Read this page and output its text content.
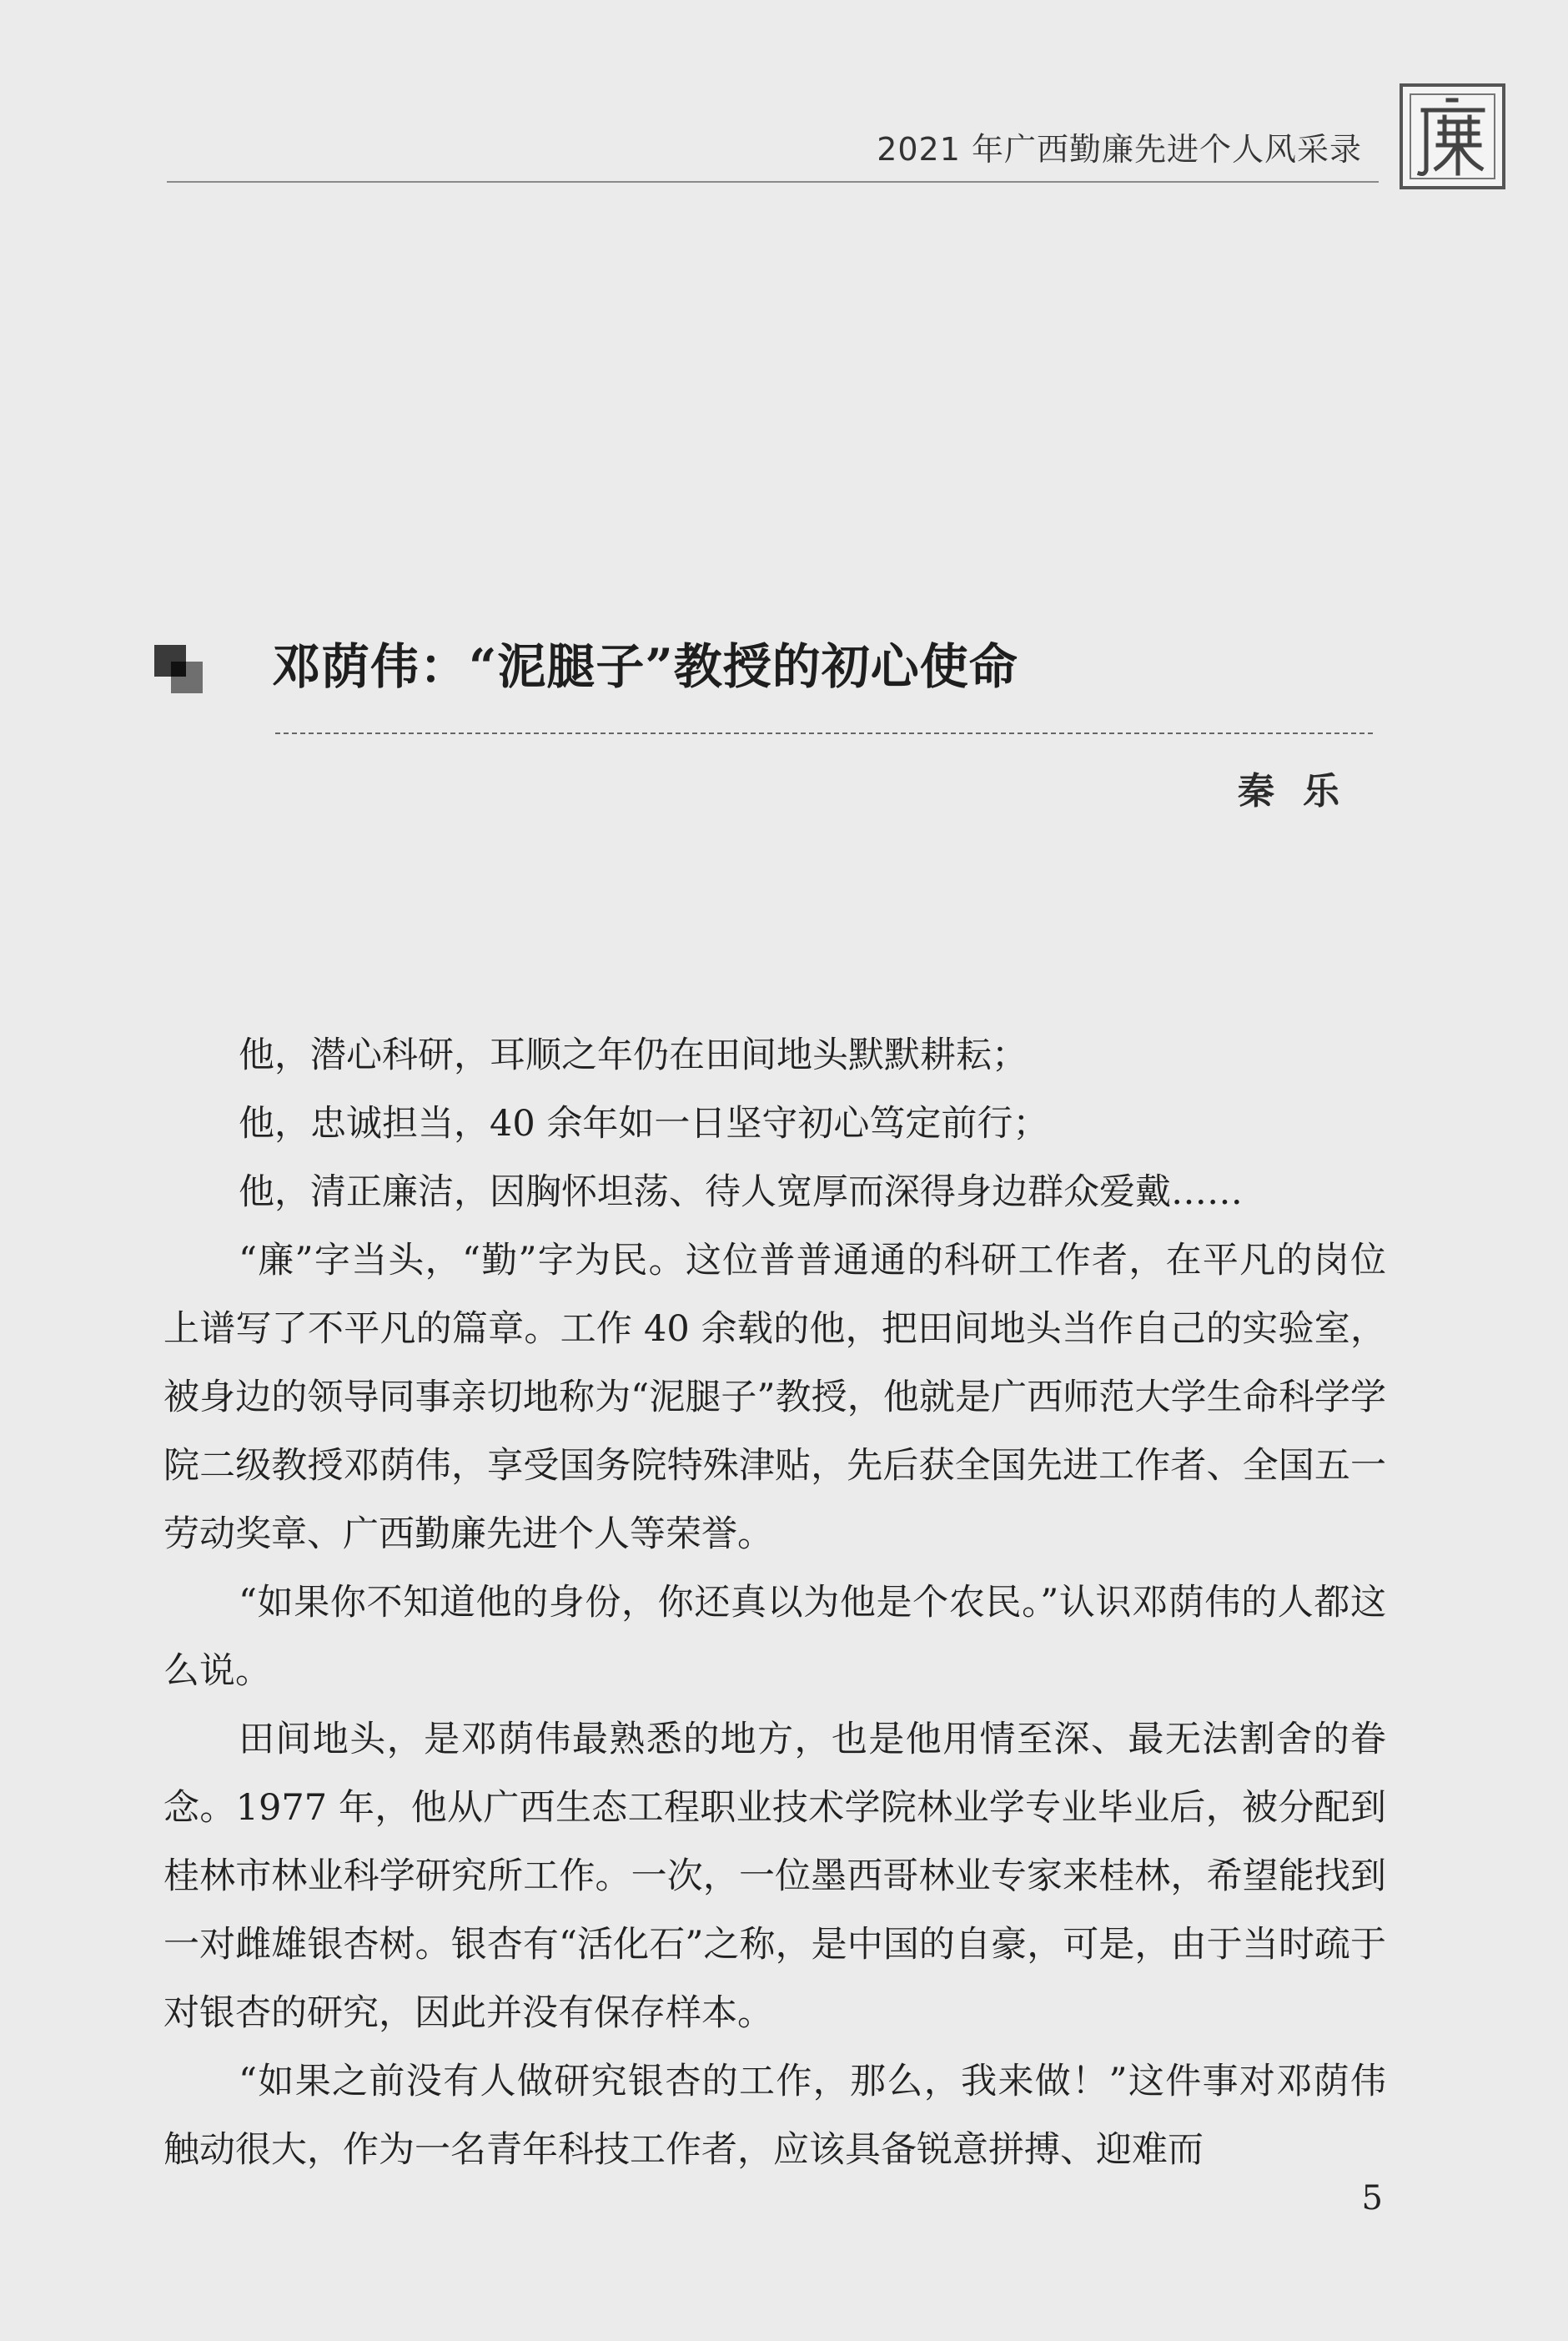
2021 年广西勤廉先进个人风采录
邓荫伟：“泥腿子”教授的初心使命
秦乐

他，潜心科研，耳顺之年仍在田间地头默默耕耘；

他，忠诚担当，40 余年如一日坚守初心笃定前行；

他，清正廉洁，因胸怀坦荡、待人宽厚而深得身边群众爱戴……

“廉”字当头，“勤”字为民。这位普普通通的科研工作者，在平凡的岗位上谱写了不平凡的篇章。工作 40 余载的他，把田间地头当作自己的实验室，被身边的领导同事亲切地称为“泥腿子”教授，他就是广西师范大学生命科学学院二级教授邓荫伟，享受国务院特殊津贴，先后获全国先进工作者、全国五一劳动奖章、广西勤廉先进个人等荣誉。

“如果你不知道他的身份，你还真以为他是个农民。”认识邓荫伟的人都这么说。

田间地头，是邓荫伟最熟悉的地方，也是他用情至深、最无法割舍的眷念。1977 年，他从广西生态工程职业技术学院林业学专业毕业后，被分配到桂林市林业科学研究所工作。一次，一位墨西哥林业专家来桂林，希望能找到一对雌雄银杏树。银杏有“活化石”之称，是中国的自豪，可是，由于当时疏于对银杏的研究，因此并没有保存样本。

“如果之前没有人做研究银杏的工作，那么，我来做！”这件事对邓荫伟触动很大，作为一名青年科技工作者，应该具备锐意拼搏、迎难而

5
